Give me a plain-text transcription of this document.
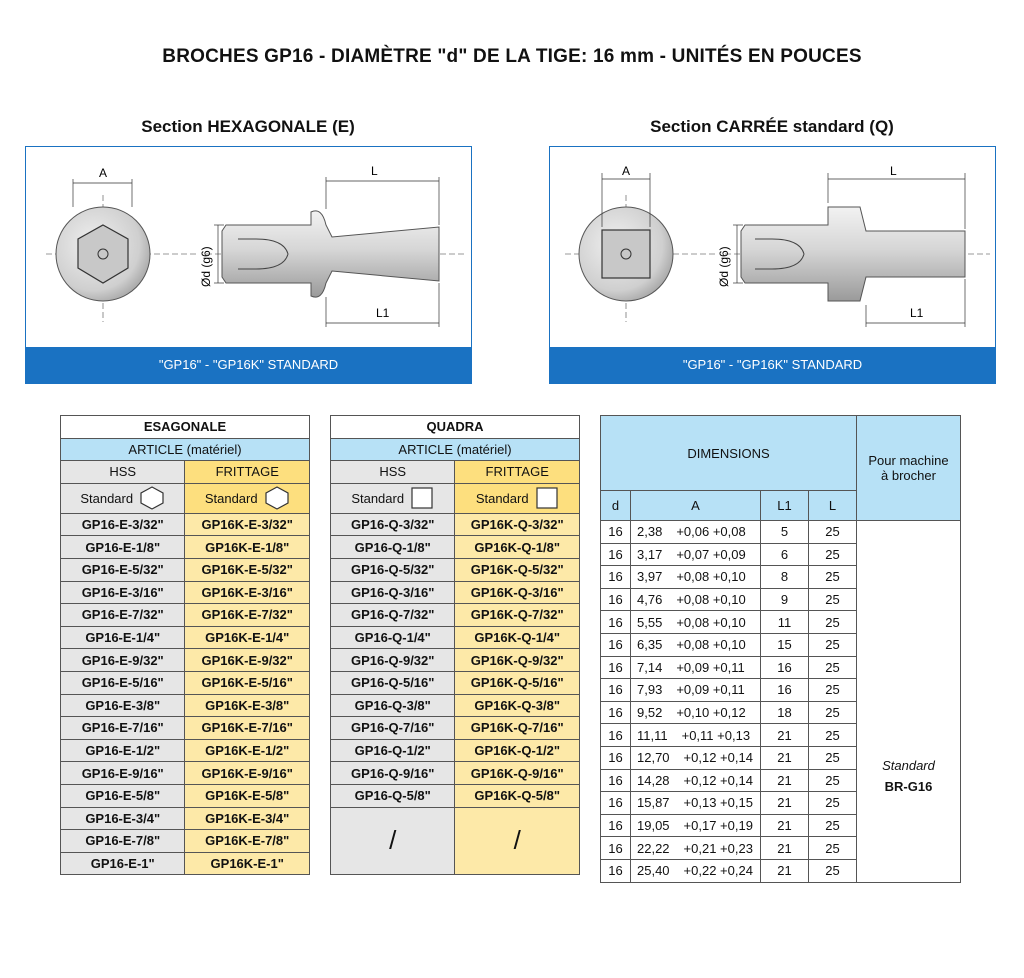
BROCHES GP16 - DIAMÈTRE "d" DE LA TIGE: 16 mm - UNITÉS EN POUCES
Section HEXAGONALE (E)	Section CARRÉE standard (Q)
A
Ød (g6)
L
L1
"GP16" - "GP16K" STANDARD
A
Ød (g6)
L
L1
"GP16" - "GP16K" STANDARD
ESAGONALE	
ARTICLE (matériel)	
HSS	FRITTAGE

Standard	Standard

GP16-E-3/32"	GP16K-E-3/32"
GP16-E-1/8"	GP16K-E-1/8"
GP16-E-5/32"	GP16K-E-5/32"
GP16-E-3/16"	GP16K-E-3/16"
GP16-E-7/32"	GP16K-E-7/32"
GP16-E-1/4"	GP16K-E-1/4"
GP16-E-9/32"	GP16K-E-9/32"
GP16-E-5/16"	GP16K-E-5/16"
GP16-E-3/8"	GP16K-E-3/8"
GP16-E-7/16"	GP16K-E-7/16"
GP16-E-1/2"	GP16K-E-1/2"
GP16-E-9/16"	GP16K-E-9/16"
GP16-E-5/8"	GP16K-E-5/8"
GP16-E-3/4"	GP16K-E-3/4"
GP16-E-7/8"	GP16K-E-7/8"
GP16-E-1"	GP16K-E-1"
QUADRA	
ARTICLE (matériel)	
HSS	FRITTAGE

Standard	Standard

GP16-Q-3/32"	GP16K-Q-3/32"
GP16-Q-1/8"	GP16K-Q-1/8"
GP16-Q-5/32"	GP16K-Q-5/32"
GP16-Q-3/16"	GP16K-Q-3/16"
GP16-Q-7/32"	GP16K-Q-7/32"
GP16-Q-1/4"	GP16K-Q-1/4"
GP16-Q-9/32"	GP16K-Q-9/32"
GP16-Q-5/16"	GP16K-Q-5/16"
GP16-Q-3/8"	GP16K-Q-3/8"
GP16-Q-7/16"	GP16K-Q-7/16"
GP16-Q-1/2"	GP16K-Q-1/2"
GP16-Q-9/16"	GP16K-Q-9/16"
GP16-Q-5/8"	GP16K-Q-5/8"
/	/

DIMENSIONS				Pour machine
à brocher

d	A	L1	L	
16	2,38 +0,06 +0,08	5	25	Standard
BR-G16

16	3,17 +0,07 +0,09	6	25	
16	3,97 +0,08 +0,10	8	25	
16	4,76 +0,08 +0,10	9	25	
16	5,55 +0,08 +0,10	11	25	
16	6,35 +0,08 +0,10	15	25	
16	7,14 +0,09 +0,11	16	25	
16	7,93 +0,09 +0,11	16	25	
16	9,52 +0,10 +0,12	18	25	
16	11,11 +0,11 +0,13	21	25	
16	12,70 +0,12 +0,14	21	25	
16	14,28 +0,12 +0,14	21	25	
16	15,87 +0,13 +0,15	21	25	
16	19,05 +0,17 +0,19	21	25	
16	22,22 +0,21 +0,23	21	25	
16	25,40 +0,22 +0,24	21	25	
